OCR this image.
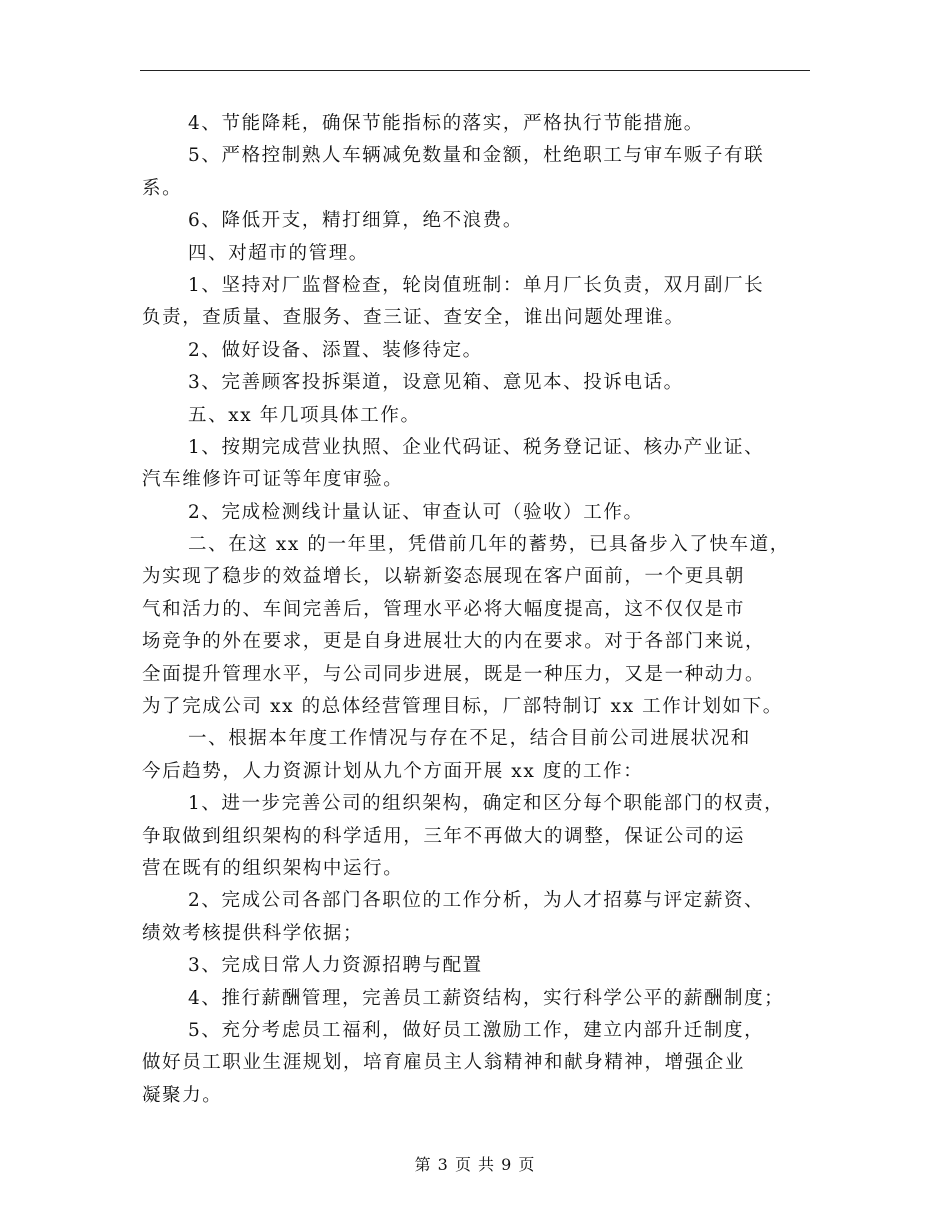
4、节能降耗，确保节能指标的落实，严格执行节能措施。
5、严格控制熟人车辆减免数量和金额，杜绝职工与审车贩子有联
系。
6、降低开支，精打细算，绝不浪费。
四、对超市的管理。
1、坚持对厂监督检查，轮岗值班制：单月厂长负责，双月副厂长
负责，查质量、查服务、查三证、查安全，谁出问题处理谁。
2、做好设备、添置、装修待定。
3、完善顾客投拆渠道，设意见箱、意见本、投诉电话。
五、xx 年几项具体工作。
1、按期完成营业执照、企业代码证、税务登记证、核办产业证、
汽车维修许可证等年度审验。
2、完成检测线计量认证、审查认可（验收）工作。
二、在这 xx 的一年里，凭借前几年的蓄势，已具备步入了快车道，
为实现了稳步的效益增长，以崭新姿态展现在客户面前，一个更具朝
气和活力的、车间完善后，管理水平必将大幅度提高，这不仅仅是市
场竞争的外在要求，更是自身进展壮大的内在要求。对于各部门来说，
全面提升管理水平，与公司同步进展，既是一种压力，又是一种动力。
为了完成公司 xx 的总体经营管理目标，厂部特制订 xx 工作计划如下。
一、根据本年度工作情况与存在不足，结合目前公司进展状况和
今后趋势，人力资源计划从九个方面开展 xx 度的工作：
1、进一步完善公司的组织架构，确定和区分每个职能部门的权责，
争取做到组织架构的科学适用，三年不再做大的调整，保证公司的运
营在既有的组织架构中运行。
2、完成公司各部门各职位的工作分析，为人才招募与评定薪资、
绩效考核提供科学依据；
3、完成日常人力资源招聘与配置
4、推行薪酬管理，完善员工薪资结构，实行科学公平的薪酬制度；
5、充分考虑员工福利，做好员工激励工作，建立内部升迁制度，
做好员工职业生涯规划，培育雇员主人翁精神和献身精神，增强企业
凝聚力。
第 3 页 共 9 页
